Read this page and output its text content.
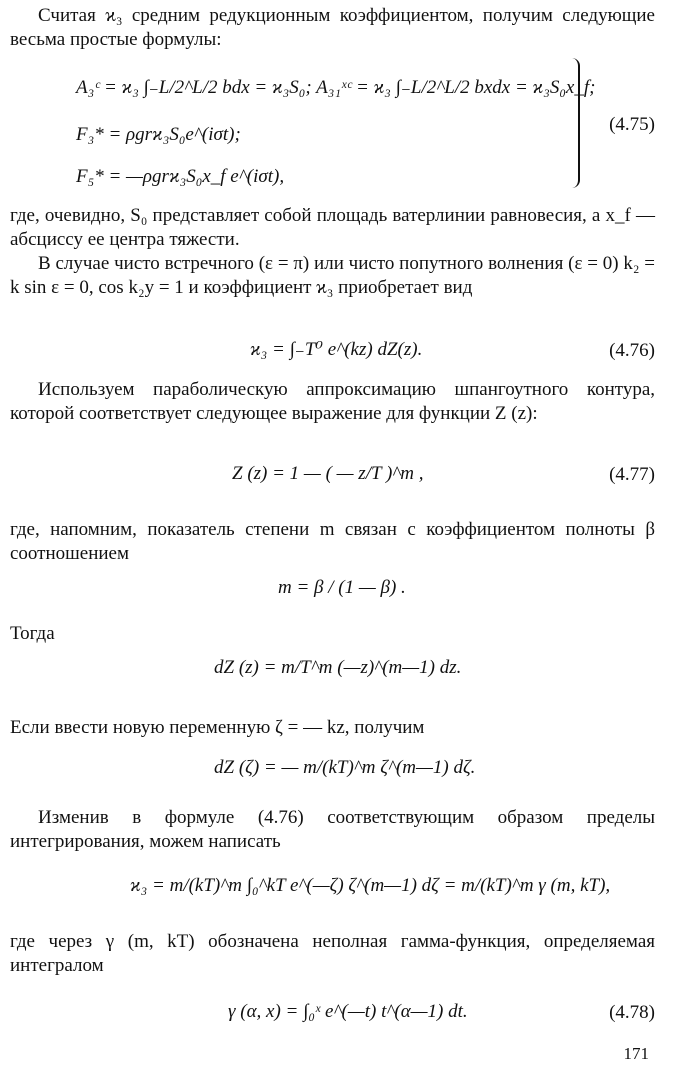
Считая ϰ₃ средним редукционным коэффициентом, получим следующие весьма простые формулы:
A₃ᶜ = ϰ₃ ∫₋L/2^L/2 bdx = ϰ₃S₀; A₃₁ˣᶜ = ϰ₃ ∫₋L/2^L/2 bxdx = ϰ₃S₀x_f;
F₃* = ρgrϰ₃S₀e^(iσt);
F₅* = —ρgrϰ₃S₀x_f e^(iσt),
(4.75)
где, очевидно, S₀ представляет собой площадь ватерлинии равновесия, а x_f — абсциссу ее центра тяжести.
В случае чисто встречного (ε = π) или чисто попутного волнения (ε = 0) k₂ = k sin ε = 0, cos k₂y = 1 и коэффициент ϰ₃ приобретает вид
ϰ₃ = ∫₋T⁰ e^(kz) dZ(z).	(4.76)
Используем параболическую аппроксимацию шпангоутного контура, которой соответствует следующее выражение для функции Z (z):
Z (z) = 1 — ( — z/T )^m ,	(4.77)
где, напомним, показатель степени m связан с коэффициентом полноты β соотношением
m = β / (1 — β) .
Тогда
dZ (z) = m/T^m (—z)^(m—1) dz.
Если ввести новую переменную ζ = — kz, получим
dZ (ζ) = — m/(kT)^m ζ^(m—1) dζ.
Изменив в формуле (4.76) соответствующим образом пределы интегрирования, можем написать
ϰ₃ = m/(kT)^m ∫₀^kT e^(—ζ) ζ^(m—1) dζ = m/(kT)^m γ (m, kT),
где через γ (m, kT) обозначена неполная гамма-функция, определяемая интегралом
γ (α, x) = ∫₀ˣ e^(—t) t^(α—1) dt.	(4.78)
171
